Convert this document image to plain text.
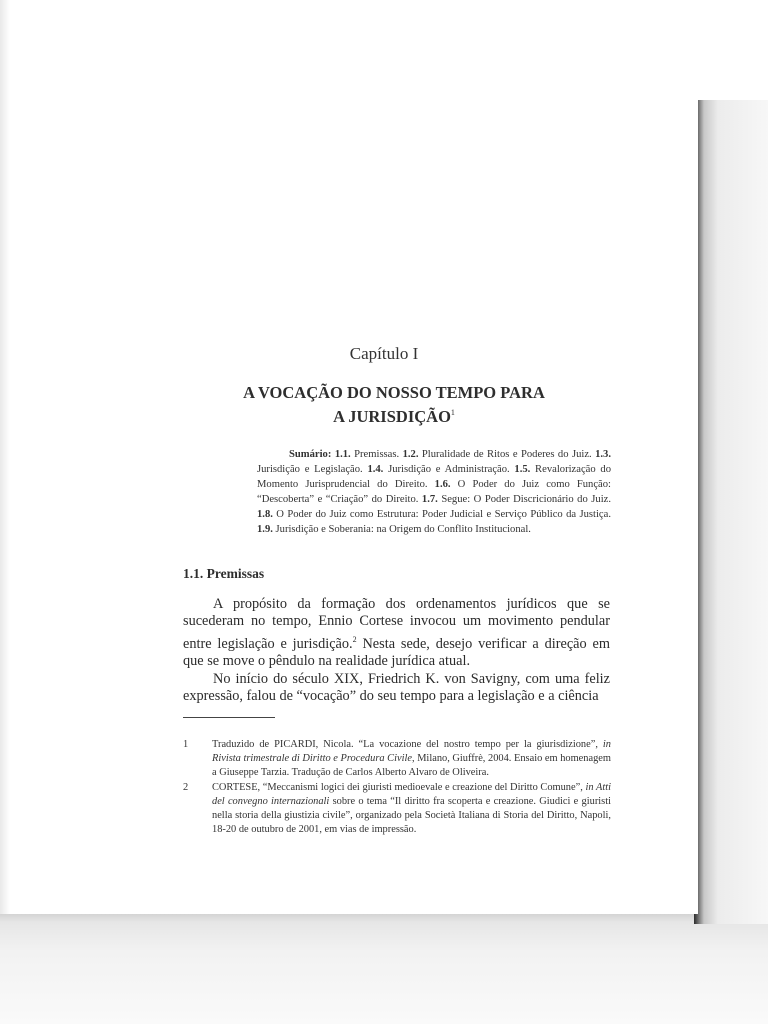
Capítulo I
A VOCAÇÃO DO NOSSO TEMPO PARA
A JURISDIÇÃO$^1$
Sumário: 1.1. Premissas. 1.2. Pluralidade de Ritos e Poderes do Juiz. 1.3. Jurisdição e Legislação. 1.4. Jurisdição e Administração. 1.5. Revalorização do Momento Jurisprudencial do Direito. 1.6. O Poder do Juiz como Função: “Descoberta” e “Criação” do Direito. 1.7. Segue: O Poder Discricionário do Juiz. 1.8. O Poder do Juiz como Estrutura: Poder Judicial e Serviço Público da Justiça. 1.9. Jurisdição e Soberania: na Origem do Conflito Institucional.
1.1. Premissas

A propósito da formação dos ordenamentos jurídicos que se sucederam no tempo, Ennio Cortese invocou um movimento pendular entre legislação e jurisdição.$^2$ Nesta sede, desejo verificar a direção em que se move o pêndulo na realidade jurídica atual.

No início do século XIX, Friedrich K. von Savigny, com uma feliz expressão, falou de “vocação” do seu tempo para a legislação e a ciência

1 Traduzido de PICARDI, Nicola. “La vocazione del nostro tempo per la giurisdizione”, in Rivista trimestrale di Diritto e Procedura Civile, Milano, Giuffrè, 2004. Ensaio em homenagem a Giuseppe Tarzia. Tradução de Carlos Alberto Alvaro de Oliveira.
2 CORTESE, “Meccanismi logici dei giuristi medioevale e creazione del Diritto Comune”, in Atti del convegno internazionali sobre o tema “Il diritto fra scoperta e creazione. Giudici e giuristi nella storia della giustizia civile”, organizado pela Società Italiana di Storia del Diritto, Napoli, 18-20 de outubro de 2001, em vias de impressão.
